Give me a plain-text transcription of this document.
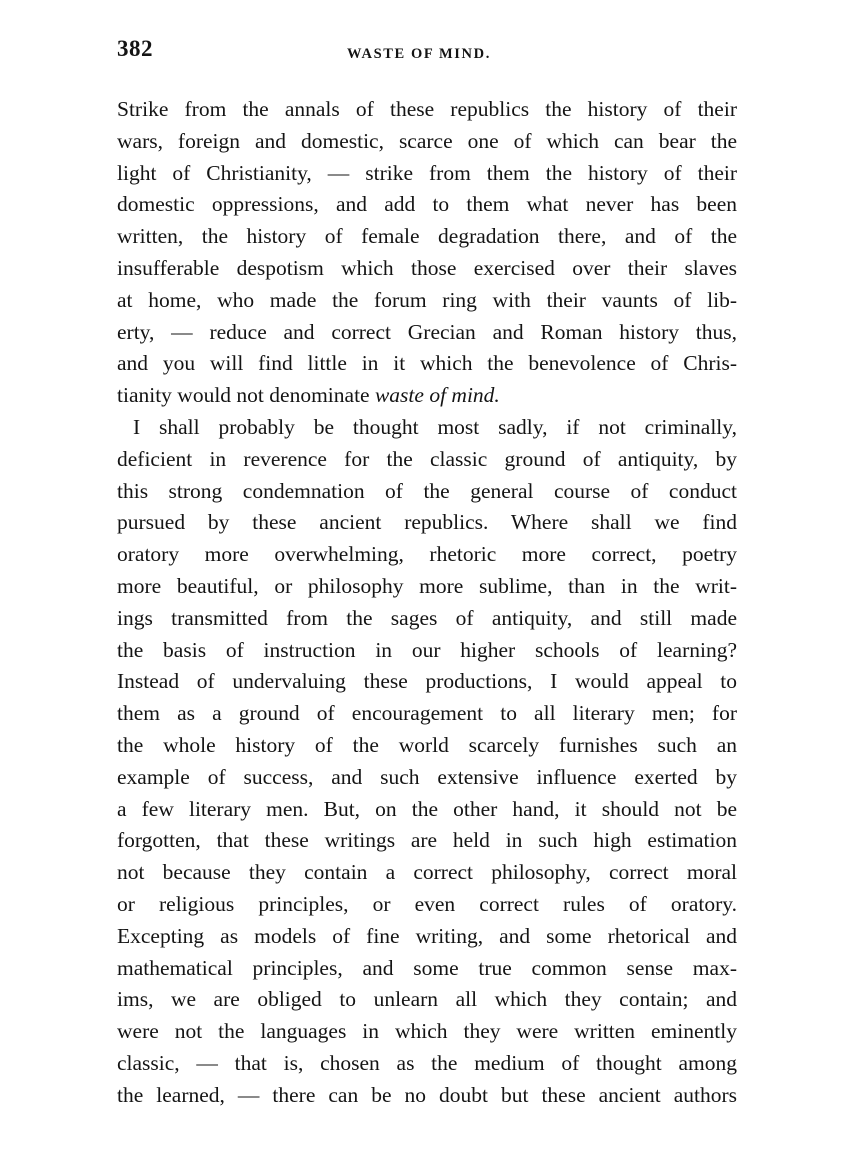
382	WASTE OF MIND.
Strike from the annals of these republics the history of their
wars, foreign and domestic, scarce one of which can bear the
light of Christianity, — strike from them the history of their
domestic oppressions, and add to them what never has been
written, the history of female degradation there, and of the
insufferable despotism which those exercised over their slaves
at home, who made the forum ring with their vaunts of lib-
erty, — reduce and correct Grecian and Roman history thus,
and you will find little in it which the benevolence of Chris-
tianity would not denominate waste of mind.
I shall probably be thought most sadly, if not criminally,
deficient in reverence for the classic ground of antiquity, by
this strong condemnation of the general course of conduct
pursued by these ancient republics. Where shall we find
oratory more overwhelming, rhetoric more correct, poetry
more beautiful, or philosophy more sublime, than in the writ-
ings transmitted from the sages of antiquity, and still made
the basis of instruction in our higher schools of learning?
Instead of undervaluing these productions, I would appeal to
them as a ground of encouragement to all literary men; for
the whole history of the world scarcely furnishes such an
example of success, and such extensive influence exerted by
a few literary men. But, on the other hand, it should not be
forgotten, that these writings are held in such high estimation
not because they contain a correct philosophy, correct moral
or religious principles, or even correct rules of oratory.
Excepting as models of fine writing, and some rhetorical and
mathematical principles, and some true common sense max-
ims, we are obliged to unlearn all which they contain; and
were not the languages in which they were written eminently
classic, — that is, chosen as the medium of thought among
the learned, — there can be no doubt but these ancient authors
